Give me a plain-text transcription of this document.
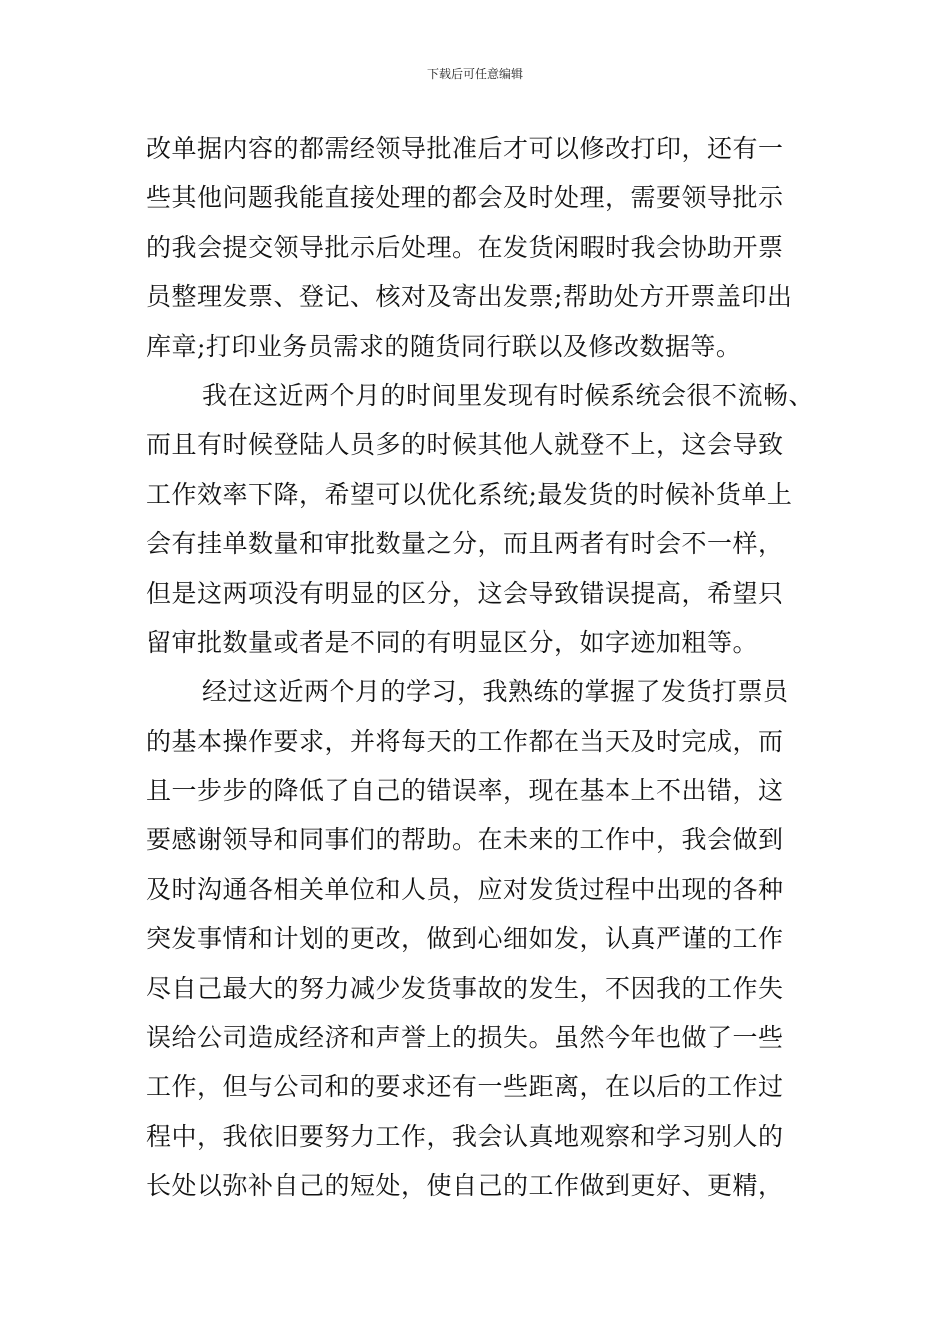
下载后可任意编辑
改单据内容的都需经领导批准后才可以修改打印，还有一
些其他问题我能直接处理的都会及时处理，需要领导批示
的我会提交领导批示后处理。在发货闲暇时我会协助开票
员整理发票、登记、核对及寄出发票;帮助处方开票盖印出
库章;打印业务员需求的随货同行联以及修改数据等。
我在这近两个月的时间里发现有时候系统会很不流畅、
而且有时候登陆人员多的时候其他人就登不上，这会导致
工作效率下降，希望可以优化系统;最发货的时候补货单上
会有挂单数量和审批数量之分，而且两者有时会不一样，
但是这两项没有明显的区分，这会导致错误提高，希望只
留审批数量或者是不同的有明显区分，如字迹加粗等。
经过这近两个月的学习，我熟练的掌握了发货打票员
的基本操作要求，并将每天的工作都在当天及时完成，而
且一步步的降低了自己的错误率，现在基本上不出错，这
要感谢领导和同事们的帮助。在未来的工作中，我会做到
及时沟通各相关单位和人员，应对发货过程中出现的各种
突发事情和计划的更改，做到心细如发，认真严谨的工作
尽自己最大的努力减少发货事故的发生，不因我的工作失
误给公司造成经济和声誉上的损失。虽然今年也做了一些
工作，但与公司和的要求还有一些距离，在以后的工作过
程中，我依旧要努力工作，我会认真地观察和学习别人的
长处以弥补自己的短处，使自己的工作做到更好、更精，
